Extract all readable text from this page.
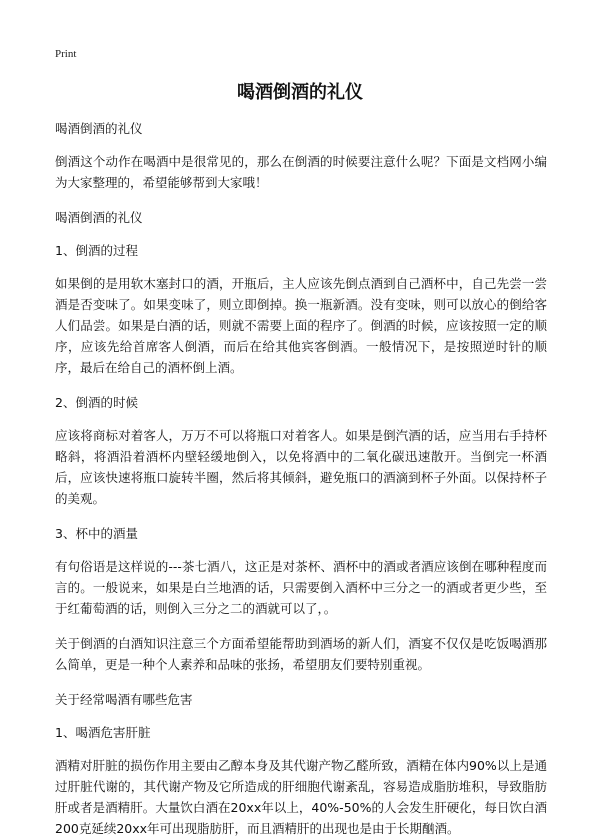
Print
喝酒倒酒的礼仪

喝酒倒酒的礼仪

倒酒这个动作在喝酒中是很常见的，那么在倒酒的时候要注意什么呢？下面是文档网小编为大家整理的，希望能够帮到大家哦！

喝酒倒酒的礼仪

1、倒酒的过程

如果倒的是用软木塞封口的酒，开瓶后，主人应该先倒点酒到自己酒杯中，自己先尝一尝酒是否变味了。如果变味了，则立即倒掉。换一瓶新酒。没有变味，则可以放心的倒给客人们品尝。如果是白酒的话，则就不需要上面的程序了。倒酒的时候，应该按照一定的顺序，应该先给首席客人倒酒，而后在给其他宾客倒酒。一般情况下，是按照逆时针的顺序，最后在给自己的酒杯倒上酒。

2、倒酒的时候

应该将商标对着客人，万万不可以将瓶口对着客人。如果是倒汽酒的话，应当用右手持杯略斜，将酒沿着酒杯内壁轻缓地倒入，以免将酒中的二氧化碳迅速散开。当倒完一杯酒后，应该快速将瓶口旋转半圈，然后将其倾斜，避免瓶口的酒滴到杯子外面。以保持杯子的美观。

3、杯中的酒量

有句俗语是这样说的---茶七酒八，这正是对茶杯、酒杯中的酒或者酒应该倒在哪种程度而言的。一般说来，如果是白兰地酒的话，只需要倒入酒杯中三分之一的酒或者更少些，至于红葡萄酒的话，则倒入三分之二的酒就可以了，。

关于倒酒的白酒知识注意三个方面希望能帮助到酒场的新人们，酒宴不仅仅是吃饭喝酒那么简单，更是一种个人素养和品味的张扬，希望朋友们要特别重视。

关于经常喝酒有哪些危害

1、喝酒危害肝脏

酒精对肝脏的损伤作用主要由乙醇本身及其代谢产物乙醛所致，酒精在体内90%以上是通过肝脏代谢的，其代谢产物及它所造成的肝细胞代谢紊乱，容易造成脂肪堆积，导致脂肪肝或者是酒精肝。大量饮白酒在20xx年以上，40%-50%的人会发生肝硬化，每日饮白酒200克延续20xx年可出现脂肪肝，而且酒精肝的出现也是由于长期酗酒。
